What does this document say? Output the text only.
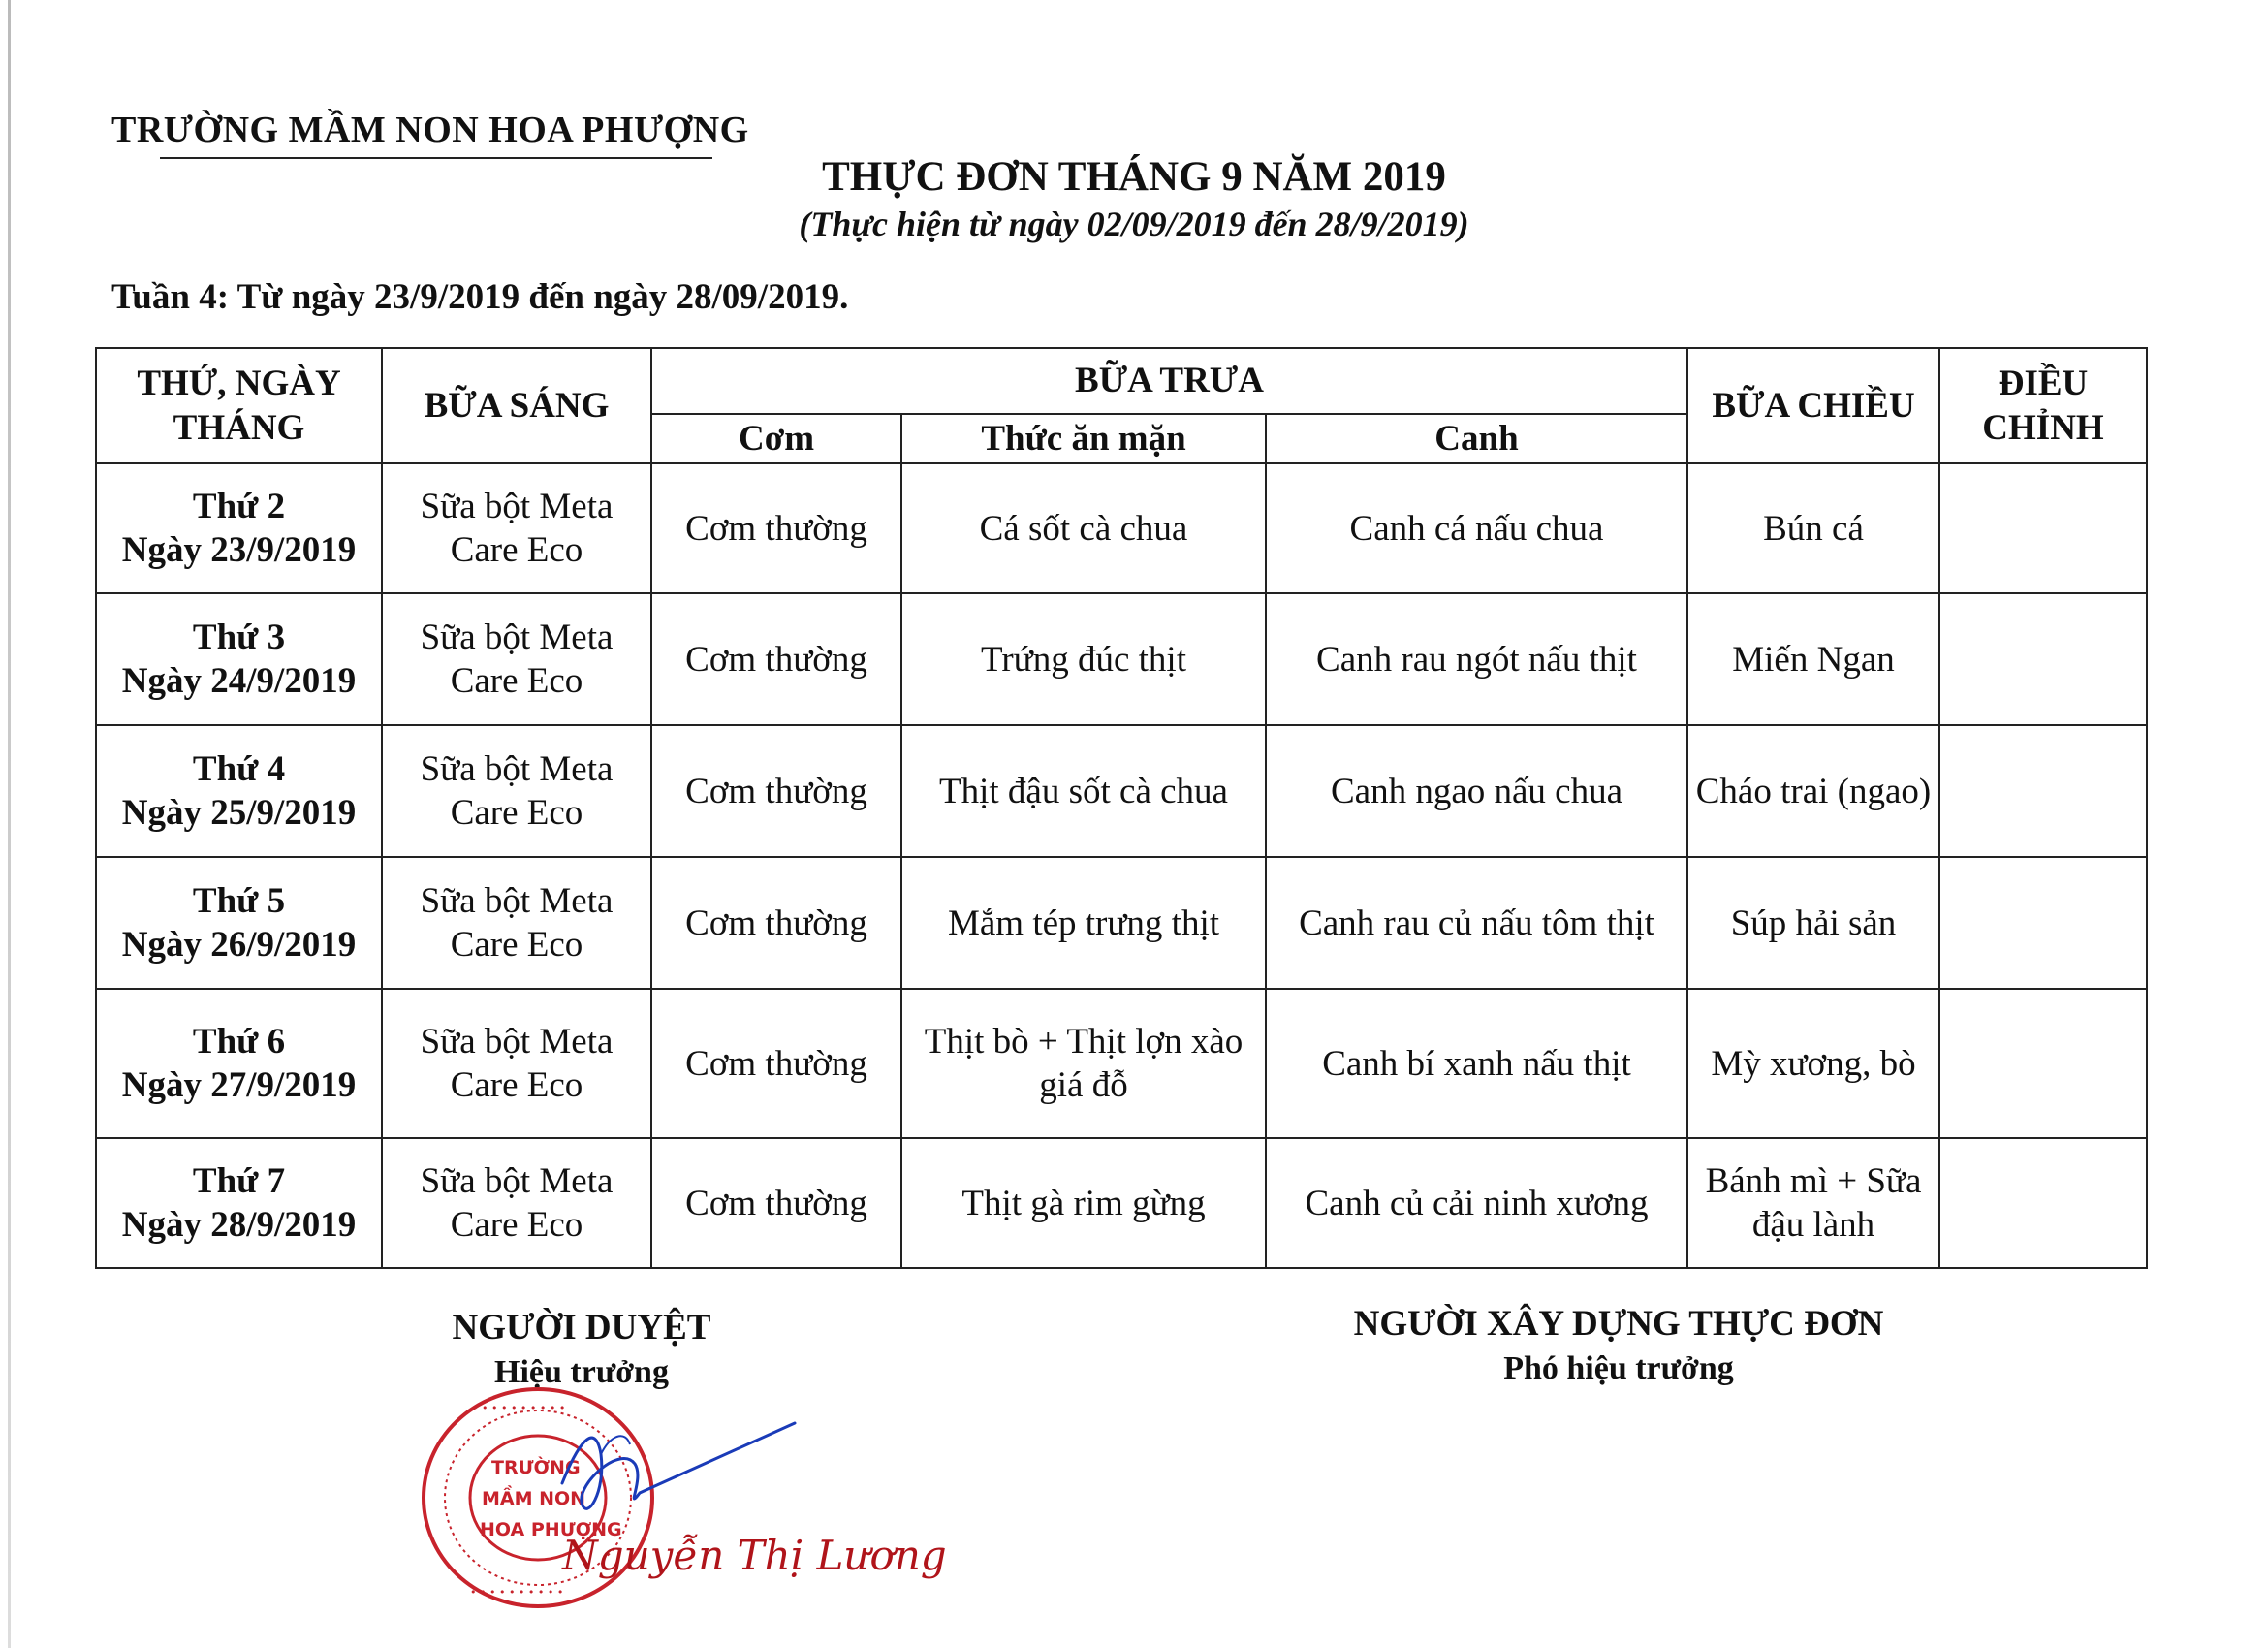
TRƯỜNG MẦM NON HOA PHƯỢNG
THỰC ĐƠN THÁNG 9 NĂM 2019
(Thực hiện từ ngày 02/09/2019 đến 28/9/2019)
Tuần 4: Từ ngày 23/9/2019 đến ngày 28/09/2019.
THỨ, NGÀY THÁNG	BỮA SÁNG	BỮA TRƯA			BỮA CHIỀU	ĐIỀU CHỈNH
		Cơm	Thức ăn mặn	Canh		
Thứ 2
Ngày 23/9/2019	Sữa bột Meta Care Eco	Cơm thường	Cá sốt cà chua	Canh cá nấu chua	Bún cá	
Thứ 3
Ngày 24/9/2019	Sữa bột Meta Care Eco	Cơm thường	Trứng đúc thịt	Canh rau ngót nấu thịt	Miến Ngan	
Thứ 4
Ngày 25/9/2019	Sữa bột Meta Care Eco	Cơm thường	Thịt đậu sốt cà chua	Canh ngao nấu chua	Cháo trai (ngao)	
Thứ 5
Ngày 26/9/2019	Sữa bột Meta Care Eco	Cơm thường	Mắm tép trưng thịt	Canh rau củ nấu tôm thịt	Súp hải sản	
Thứ 6
Ngày 27/9/2019	Sữa bột Meta Care Eco	Cơm thường	Thịt bò + Thịt lợn xào giá đỗ	Canh bí xanh nấu thịt	Mỳ xương, bò	
Thứ 7
Ngày 28/9/2019	Sữa bột Meta Care Eco	Cơm thường	Thịt gà rim gừng	Canh củ cải ninh xương	Bánh mì + Sữa đậu lành	
NGƯỜI DUYỆT
Hiệu trưởng
NGƯỜI XÂY DỰNG THỰC ĐƠN
Phó hiệu trưởng
TRƯỜNG
MẦM NON
HOA PHƯỢNG
• • • • • • • • • •
• • • • • • • • • •
Nguyễn Thị Lương
